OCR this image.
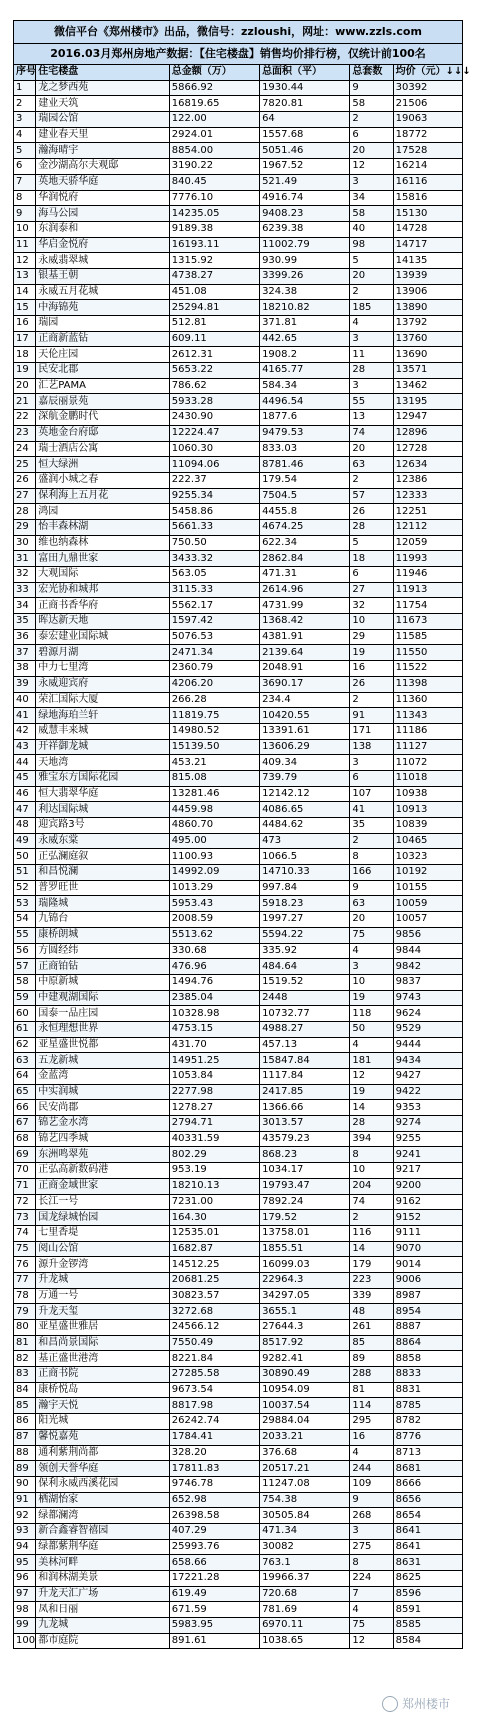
微信平台《郑州楼市》出品，微信号：zzloushi，网址：www.zzls.com					
2016.03月郑州房地产数据：【住宅楼盘】销售均价排行榜，仅统计前100名					
序号	住宅楼盘	总金额（万）	总面积（平）	总套数	均价（元）↓↓↓
1	龙之梦西苑	5866.92	1930.44	9	30392
2	建业天筑	16819.65	7820.81	58	21506
3	瑞园公馆	122.00	64	2	19063
4	建业春天里	2924.01	1557.68	6	18772
5	瀚海晴宇	8854.00	5051.46	20	17528
6	金沙湖高尔夫观邸	3190.22	1967.52	12	16214
7	英地天骄华庭	840.45	521.49	3	16116
8	华润悦府	7776.10	4916.74	34	15816
9	海马公园	14235.05	9408.23	58	15130
10	东润泰和	9189.38	6239.38	40	14728
11	华启金悦府	16193.11	11002.79	98	14717
12	永威翡翠城	1315.92	930.99	5	14135
13	银基王朝	4738.27	3399.26	20	13939
14	永威五月花城	451.08	324.38	2	13906
15	中海锦苑	25294.81	18210.82	185	13890
16	瑞园	512.81	371.81	4	13792
17	正商新蓝钻	609.11	442.65	3	13760
18	天伦庄园	2612.31	1908.2	11	13690
19	民安北郡	5653.22	4165.77	28	13571
20	汇艺PAMA	786.62	584.34	3	13462
21	嘉辰丽景苑	5933.28	4496.54	55	13195
22	深航金鹏时代	2430.90	1877.6	13	12947
23	英地金台府邸	12224.47	9479.53	74	12896
24	瑞士酒店公寓	1060.30	833.03	20	12728
25	恒大绿洲	11094.06	8781.46	63	12634
26	盛润小城之春	222.37	179.54	2	12386
27	保利海上五月花	9255.34	7504.5	57	12333
28	鸿园	5458.86	4455.8	26	12251
29	怡丰森林湖	5661.33	4674.25	28	12112
30	维也纳森林	750.50	622.34	5	12059
31	富田九鼎世家	3433.32	2862.84	18	11993
32	大观国际	563.05	471.31	6	11946
33	宏光协和城邦	3115.33	2614.96	27	11913
34	正商书香华府	5562.17	4731.99	32	11754
35	晖达新天地	1597.42	1368.42	10	11673
36	泰宏建业国际城	5076.53	4381.91	29	11585
37	碧源月湖	2471.34	2139.64	19	11550
38	中力七里湾	2360.79	2048.91	16	11522
39	永威迎宾府	4206.20	3690.17	26	11398
40	荣汇国际大厦	266.28	234.4	2	11360
41	绿地海珀兰轩	11819.75	10420.55	91	11343
42	威慧丰来城	14980.52	13391.61	171	11186
43	开祥御龙城	15139.50	13606.29	138	11127
44	天地湾	453.21	409.34	3	11072
45	雅宝东方国际花园	815.08	739.79	6	11018
46	恒大翡翠华庭	13281.46	12142.12	107	10938
47	利达国际城	4459.98	4086.65	41	10913
48	迎宾路3号	4860.70	4484.62	35	10839
49	永威东棠	495.00	473	2	10465
50	正弘澜庭叙	1100.93	1066.5	8	10323
51	和昌悦澜	14992.09	14710.33	166	10192
52	普罗旺世	1013.29	997.84	9	10155
53	瑞隆城	5953.43	5918.23	63	10059
54	九锦台	2008.59	1997.27	20	10057
55	康桥朗城	5513.62	5594.22	75	9856
56	方圆经纬	330.68	335.92	4	9844
57	正商铂钻	476.96	484.64	3	9842
58	中原新城	1494.76	1519.52	10	9837
59	中建观湖国际	2385.04	2448	19	9743
60	国泰一品庄园	10328.98	10732.77	118	9624
61	永恒理想世界	4753.15	4988.27	50	9529
62	亚星盛世悦都	431.70	457.13	4	9444
63	五龙新城	14951.25	15847.84	181	9434
64	金蓝湾	1053.84	1117.84	12	9427
65	中实润城	2277.98	2417.85	19	9422
66	民安尚郡	1278.27	1366.66	14	9353
67	锦艺金水湾	2794.71	3013.57	28	9274
68	锦艺四季城	40331.59	43579.23	394	9255
69	东洲鸣翠苑	802.29	868.23	8	9241
70	正弘高新数码港	953.19	1034.17	10	9217
71	正商金域世家	18210.13	19793.47	204	9200
72	长江一号	7231.00	7892.24	74	9162
73	国龙绿城怡园	164.30	179.52	2	9152
74	七里香堤	12535.01	13758.01	116	9111
75	阅山公馆	1682.87	1855.51	14	9070
76	源升金锣湾	14512.25	16099.03	179	9014
77	升龙城	20681.25	22964.3	223	9006
78	万通一号	30823.57	34297.05	339	8987
79	升龙天玺	3272.68	3655.1	48	8954
80	亚星盛世雅居	24566.12	27644.3	261	8887
81	和昌尚景国际	7550.49	8517.92	85	8864
82	基正盛世港湾	8221.84	9282.41	89	8858
83	正商书院	27285.58	30890.49	288	8833
84	康桥悦岛	9673.54	10954.09	81	8831
85	瀚宇天悦	8817.98	10037.54	114	8785
86	阳光城	26242.74	29884.04	295	8782
87	馨悦嘉苑	1784.41	2033.21	16	8776
88	通利紫荆尚都	328.20	376.68	4	8713
89	领创天誉华庭	17811.83	20517.21	244	8681
90	保利永威西溪花园	9746.78	11247.08	109	8666
91	栖湖怡家	652.98	754.38	9	8656
92	绿都澜湾	26398.58	30505.84	268	8654
93	新合鑫睿智禧园	407.29	471.34	3	8641
94	绿都紫荆华庭	25993.76	30082	275	8641
95	美林河畔	658.66	763.1	8	8631
96	和润林湖美景	17221.28	19966.37	224	8625
97	升龙天汇广场	619.49	720.68	7	8596
98	凤和日丽	671.59	781.69	4	8591
99	九龙城	5983.95	6970.11	75	8585
100	都市庭院	891.61	1038.65	12	8584
郑州楼市
